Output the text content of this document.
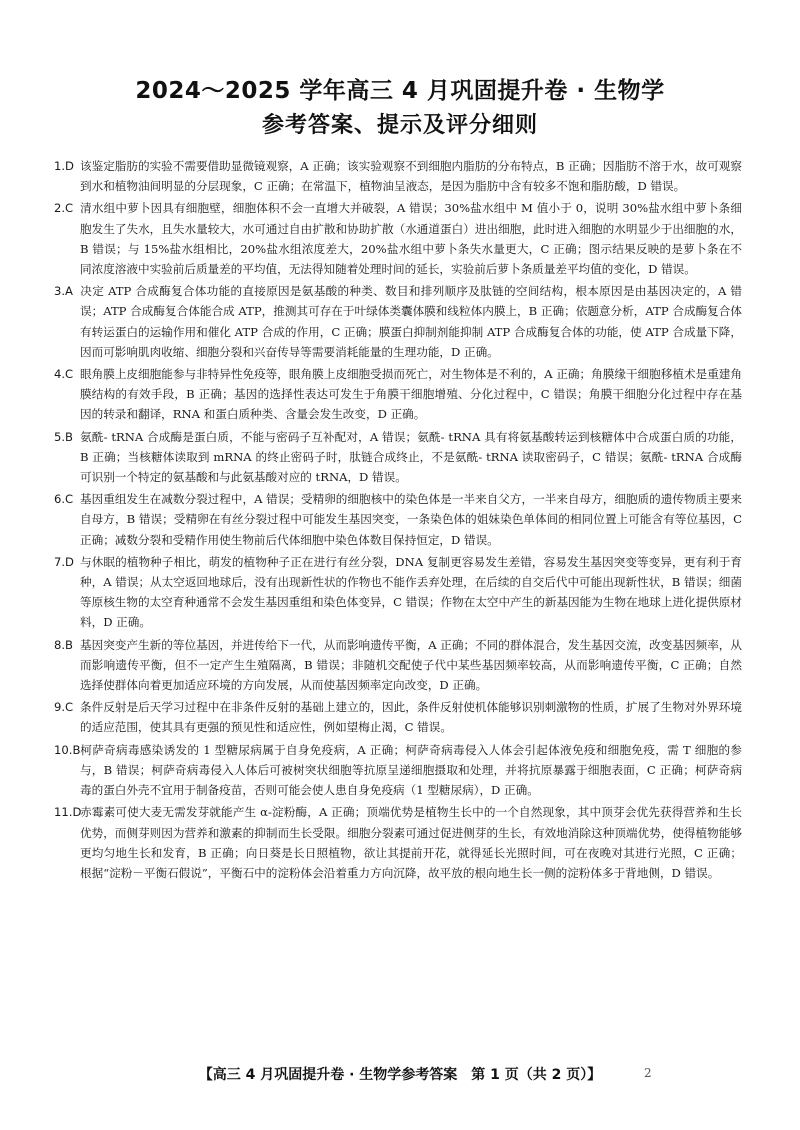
2024～2025 学年高三 4 月巩固提升卷 · 生物学
参考答案、提示及评分细则
1.D 该鉴定脂肪的实验不需要借助显微镜观察，A 正确；该实验观察不到细胞内脂肪的分布特点，B 正确；因脂肪不溶于水，故可观察到水和植物油间明显的分层现象，C 正确；在常温下，植物油呈液态，是因为脂肪中含有较多不饱和脂肪酸，D 错误。
2.C 清水组中萝卜因具有细胞壁，细胞体积不会一直增大并破裂，A 错误；30%盐水组中 M 值小于 0，说明 30%盐水组中萝卜条细胞发生了失水，且失水量较大，水可通过自由扩散和协助扩散（水通道蛋白）进出细胞，此时进入细胞的水明显少于出细胞的水，B 错误；与 15%盐水组相比，20%盐水组浓度差大，20%盐水组中萝卜条失水量更大，C 正确；图示结果反映的是萝卜条在不同浓度溶液中实验前后质量差的平均值，无法得知随着处理时间的延长，实验前后萝卜条质量差平均值的变化，D 错误。
3.A 决定 ATP 合成酶复合体功能的直接原因是氨基酸的种类、数目和排列顺序及肽链的空间结构，根本原因是由基因决定的，A 错误；ATP 合成酶复合体能合成 ATP，推测其可存在于叶绿体类囊体膜和线粒体内膜上，B 正确；依题意分析，ATP 合成酶复合体有转运蛋白的运输作用和催化 ATP 合成的作用，C 正确；膜蛋白抑制剂能抑制 ATP 合成酶复合体的功能，使 ATP 合成量下降，因而可影响肌肉收缩、细胞分裂和兴奋传导等需要消耗能量的生理功能，D 正确。
4.C 眼角膜上皮细胞能参与非特异性免疫等，眼角膜上皮细胞受损而死亡，对生物体是不利的，A 正确；角膜缘干细胞移植术是重建角膜结构的有效手段，B 正确；基因的选择性表达可发生于角膜干细胞增殖、分化过程中，C 错误；角膜干细胞分化过程中存在基因的转录和翻译，RNA 和蛋白质种类、含量会发生改变，D 正确。
5.B 氨酰- tRNA 合成酶是蛋白质，不能与密码子互补配对，A 错误；氨酰- tRNA 具有将氨基酸转运到核糖体中合成蛋白质的功能，B 正确；当核糖体读取到 mRNA 的终止密码子时，肽链合成终止，不是氨酰- tRNA 读取密码子，C 错误；氨酰- tRNA 合成酶可识别一个特定的氨基酸和与此氨基酸对应的 tRNA，D 错误。
6.C 基因重组发生在减数分裂过程中，A 错误；受精卵的细胞核中的染色体是一半来自父方，一半来自母方，细胞质的遗传物质主要来自母方，B 错误；受精卵在有丝分裂过程中可能发生基因突变，一条染色体的姐妹染色单体间的相同位置上可能含有等位基因，C 正确；减数分裂和受精作用使生物前后代体细胞中染色体数目保持恒定，D 错误。
7.D 与休眠的植物种子相比，萌发的植物种子正在进行有丝分裂，DNA 复制更容易发生差错，容易发生基因突变等变异，更有利于育种，A 错误；从太空返回地球后，没有出现新性状的作物也不能作丢弃处理，在后续的自交后代中可能出现新性状，B 错误；细菌等原核生物的太空育种通常不会发生基因重组和染色体变异，C 错误；作物在太空中产生的新基因能为生物在地球上进化提供原材料，D 正确。
8.B 基因突变产生新的等位基因，并进传给下一代，从而影响遗传平衡，A 正确；不同的群体混合，发生基因交流，改变基因频率，从而影响遗传平衡，但不一定产生生殖隔离，B 错误；非随机交配使子代中某些基因频率较高，从而影响遗传平衡，C 正确；自然选择使群体向着更加适应环境的方向发展，从而使基因频率定向改变，D 正确。
9.C 条件反射是后天学习过程中在非条件反射的基础上建立的，因此，条件反射使机体能够识别刺激物的性质，扩展了生物对外界环境的适应范围，使其具有更强的预见性和适应性，例如望梅止渴，C 错误。
10.B柯萨奇病毒感染诱发的 1 型糖尿病属于自身免疫病，A 正确；柯萨奇病毒侵入人体会引起体液免疫和细胞免疫，需 T 细胞的参与，B 错误；柯萨奇病毒侵入人体后可被树突状细胞等抗原呈递细胞摄取和处理，并将抗原暴露于细胞表面，C 正确；柯萨奇病毒的蛋白外壳不宜用于制备疫苗，否则可能会使人患自身免疫病（1 型糖尿病），D 正确。
11.D赤霉素可使大麦无需发芽就能产生 α-淀粉酶，A 正确；顶端优势是植物生长中的一个自然现象，其中顶芽会优先获得营养和生长优势，而侧芽则因为营养和激素的抑制而生长受限。细胞分裂素可通过促进侧芽的生长，有效地消除这种顶端优势，使得植物能够更均匀地生长和发育，B 正确；向日葵是长日照植物，欲让其提前开花，就得延长光照时间，可在夜晚对其进行光照，C 正确；根据“淀粉－平衡石假说”，平衡石中的淀粉体会沿着重力方向沉降，故平放的根向地生长一侧的淀粉体多于背地侧，D 错误。
【高三 4 月巩固提升卷 · 生物学参考答案　第 1 页（共 2 页）】	2
